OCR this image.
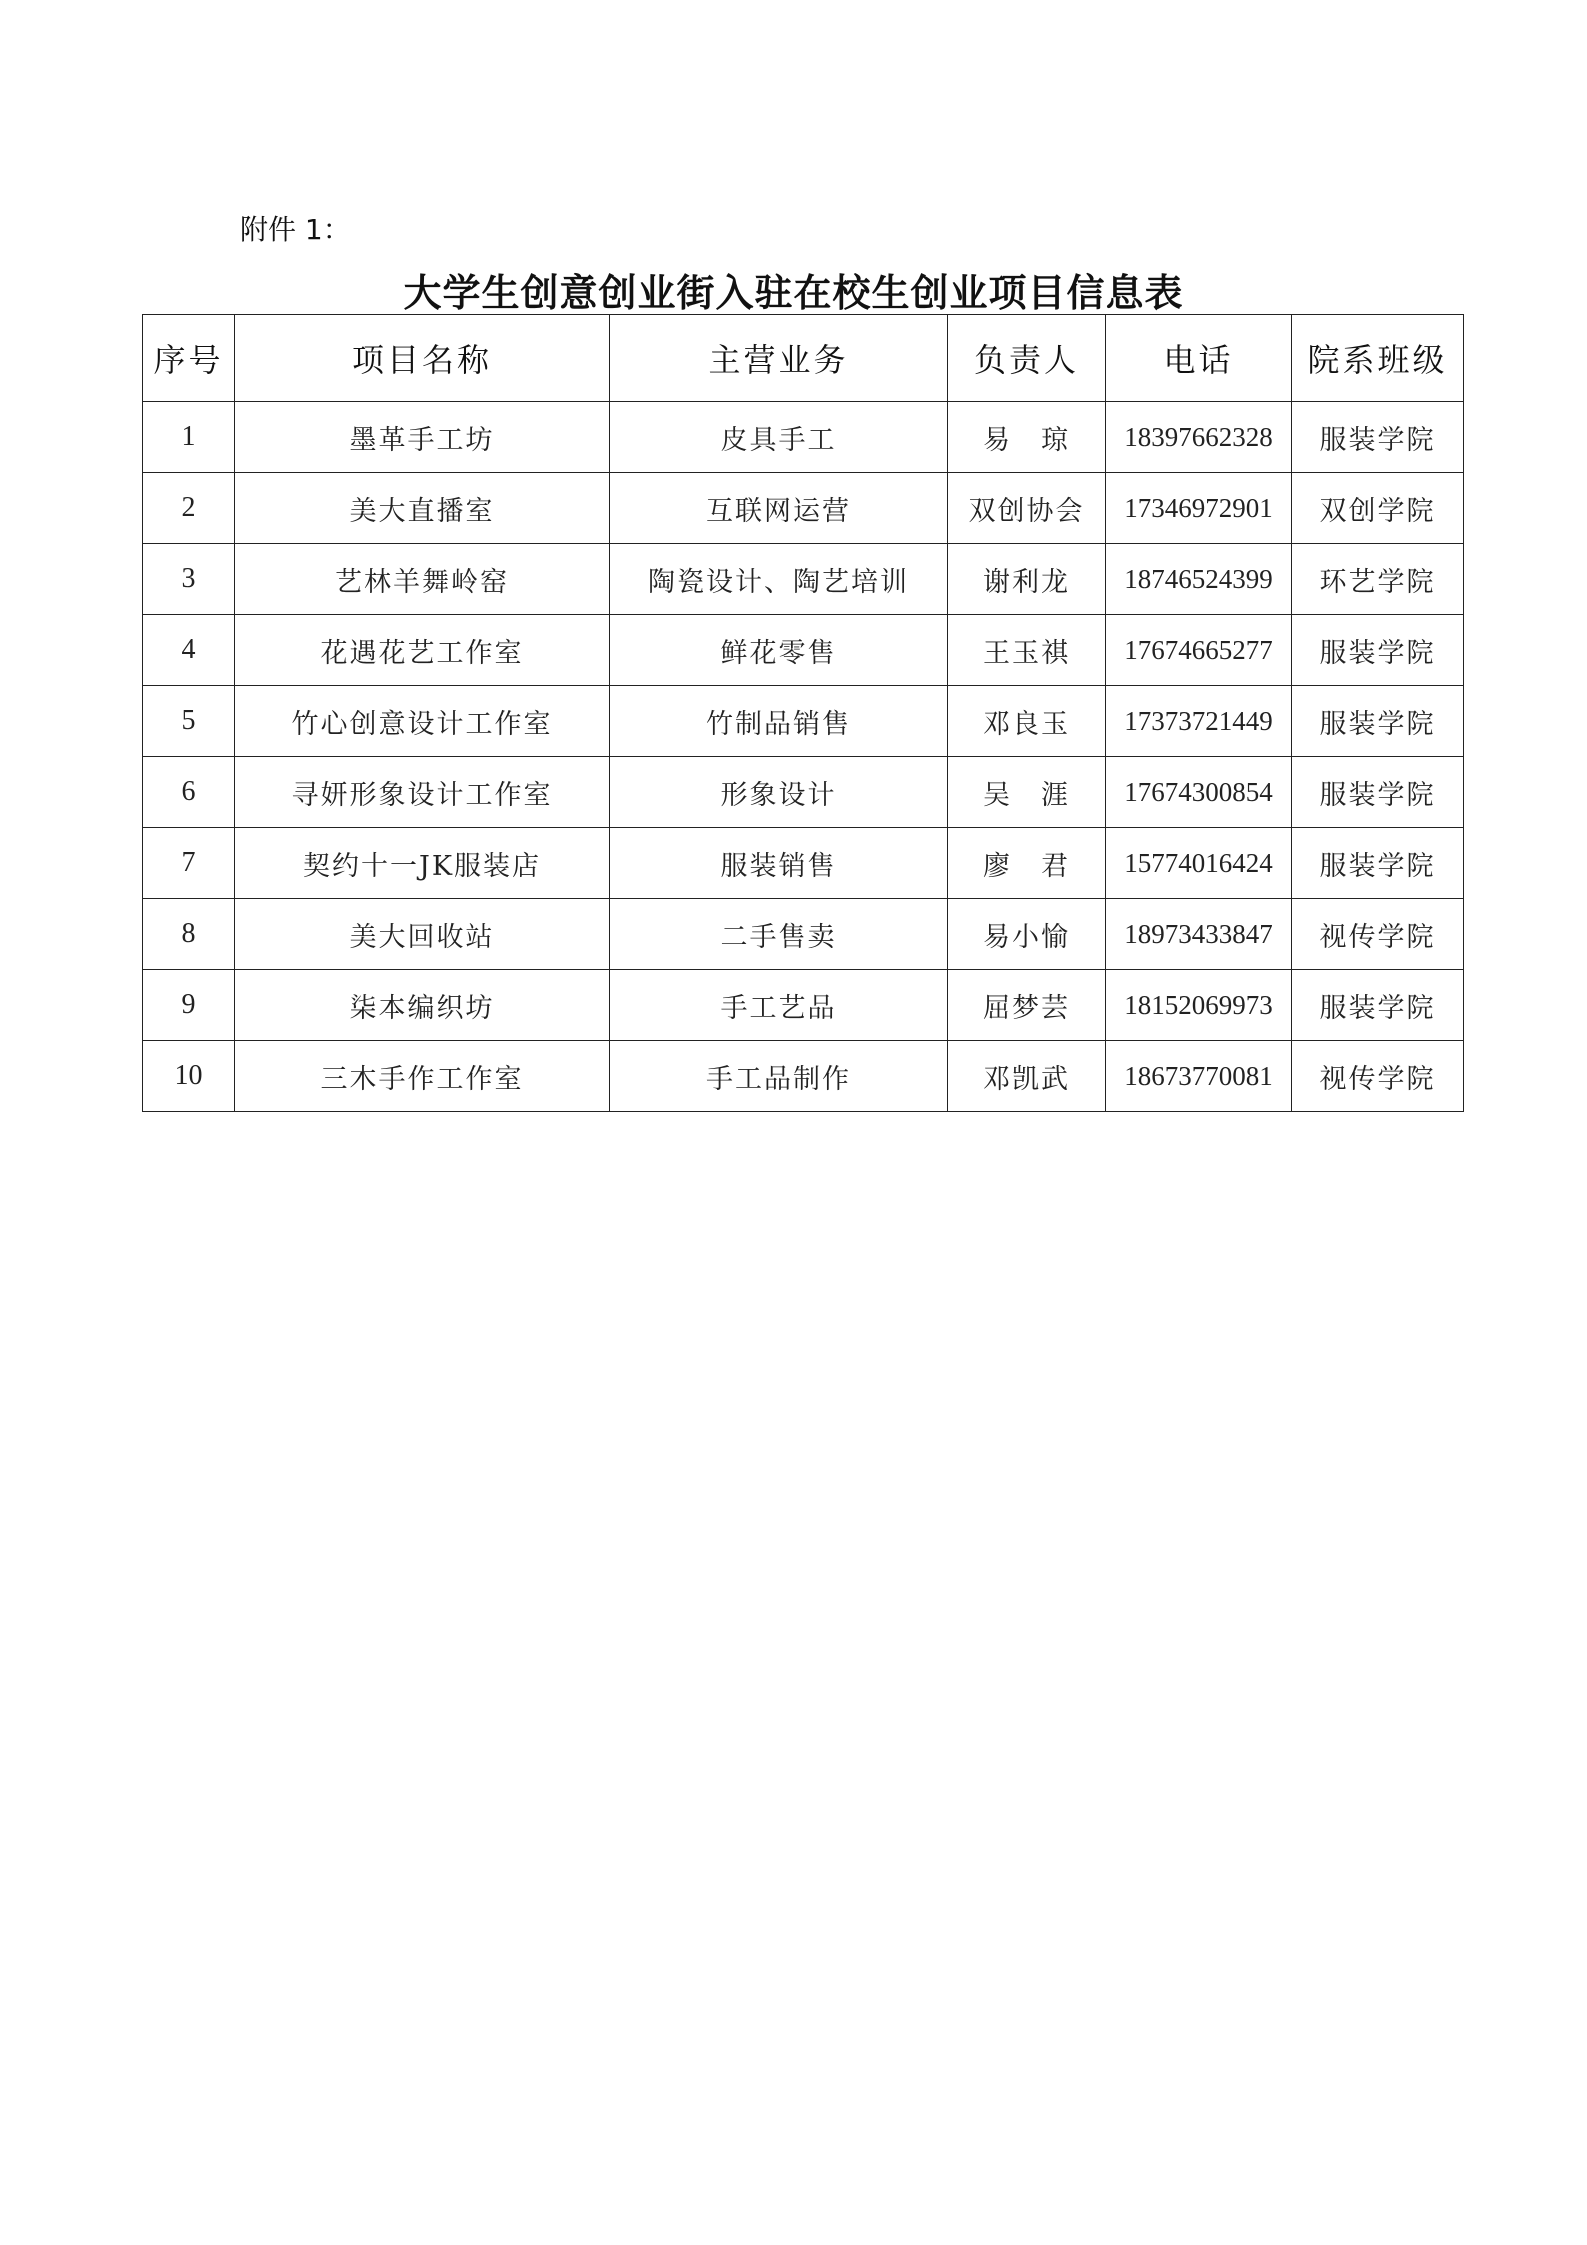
附件 1：
大学生创意创业街入驻在校生创业项目信息表
序号	项目名称	主营业务	负责人	电话	院系班级
1	墨革手工坊	皮具手工	易　琼	18397662328	服装学院
2	美大直播室	互联网运营	双创协会	17346972901	双创学院
3	艺林羊舞岭窑	陶瓷设计、陶艺培训	谢利龙	18746524399	环艺学院
4	花遇花艺工作室	鲜花零售	王玉祺	17674665277	服装学院
5	竹心创意设计工作室	竹制品销售	邓良玉	17373721449	服装学院
6	寻妍形象设计工作室	形象设计	吴　涯	17674300854	服装学院
7	契约十一JK服装店	服装销售	廖　君	15774016424	服装学院
8	美大回收站	二手售卖	易小愉	18973433847	视传学院
9	柒本编织坊	手工艺品	屈梦芸	18152069973	服装学院
10	三木手作工作室	手工品制作	邓凯武	18673770081	视传学院
